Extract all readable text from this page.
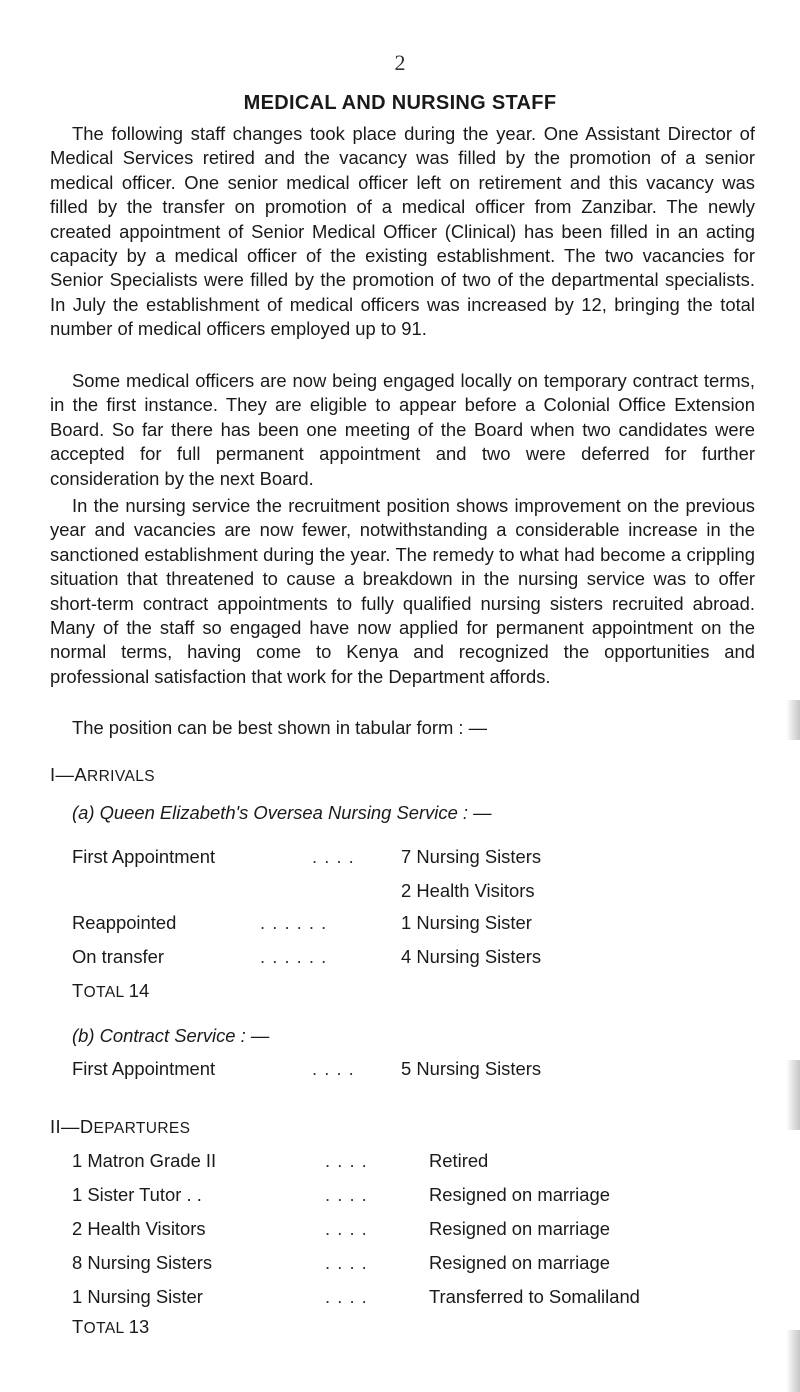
2
MEDICAL AND NURSING STAFF

The following staff changes took place during the year. One Assistant Director of Medical Services retired and the vacancy was filled by the promotion of a senior medical officer. One senior medical officer left on retirement and this vacancy was filled by the transfer on promotion of a medical officer from Zanzibar. The newly created appointment of Senior Medical Officer (Clinical) has been filled in an acting capacity by a medical officer of the existing establishment. The two vacancies for Senior Specialists were filled by the promotion of two of the departmental specialists. In July the establishment of medical officers was increased by 12, bringing the total number of medical officers employed up to 91.

Some medical officers are now being engaged locally on temporary contract terms, in the first instance. They are eligible to appear before a Colonial Office Extension Board. So far there has been one meeting of the Board when two candidates were accepted for full permanent appointment and two were deferred for further consideration by the next Board.

In the nursing service the recruitment position shows improvement on the previous year and vacancies are now fewer, notwithstanding a considerable increase in the sanctioned establishment during the year. The remedy to what had become a crippling situation that threatened to cause a breakdown in the nursing service was to offer short-term contract appointments to fully qualified nursing sisters recruited abroad. Many of the staff so engaged have now applied for permanent appointment on the normal terms, having come to Kenya and recognized the opportunities and professional satisfaction that work for the Department affords.

The position can be best shown in tabular form : —
I—ARRIVALS
(a) Queen Elizabeth's Oversea Nursing Service : —
First Appointment	. . . .	7 Nursing Sisters
2 Health Visitors
Reappointed	. . . . . .	1 Nursing Sister
On transfer	. . . . . .	4 Nursing Sisters
TOTAL 14
(b) Contract Service : —
First Appointment	. . . .	5 Nursing Sisters
II—DEPARTURES
1 Matron Grade II	. . . .	Retired
1 Sister Tutor . .	. . . .	Resigned on marriage
2 Health Visitors	. . . .	Resigned on marriage
8 Nursing Sisters	. . . .	Resigned on marriage
1 Nursing Sister	. . . .	Transferred to Somaliland
TOTAL 13
